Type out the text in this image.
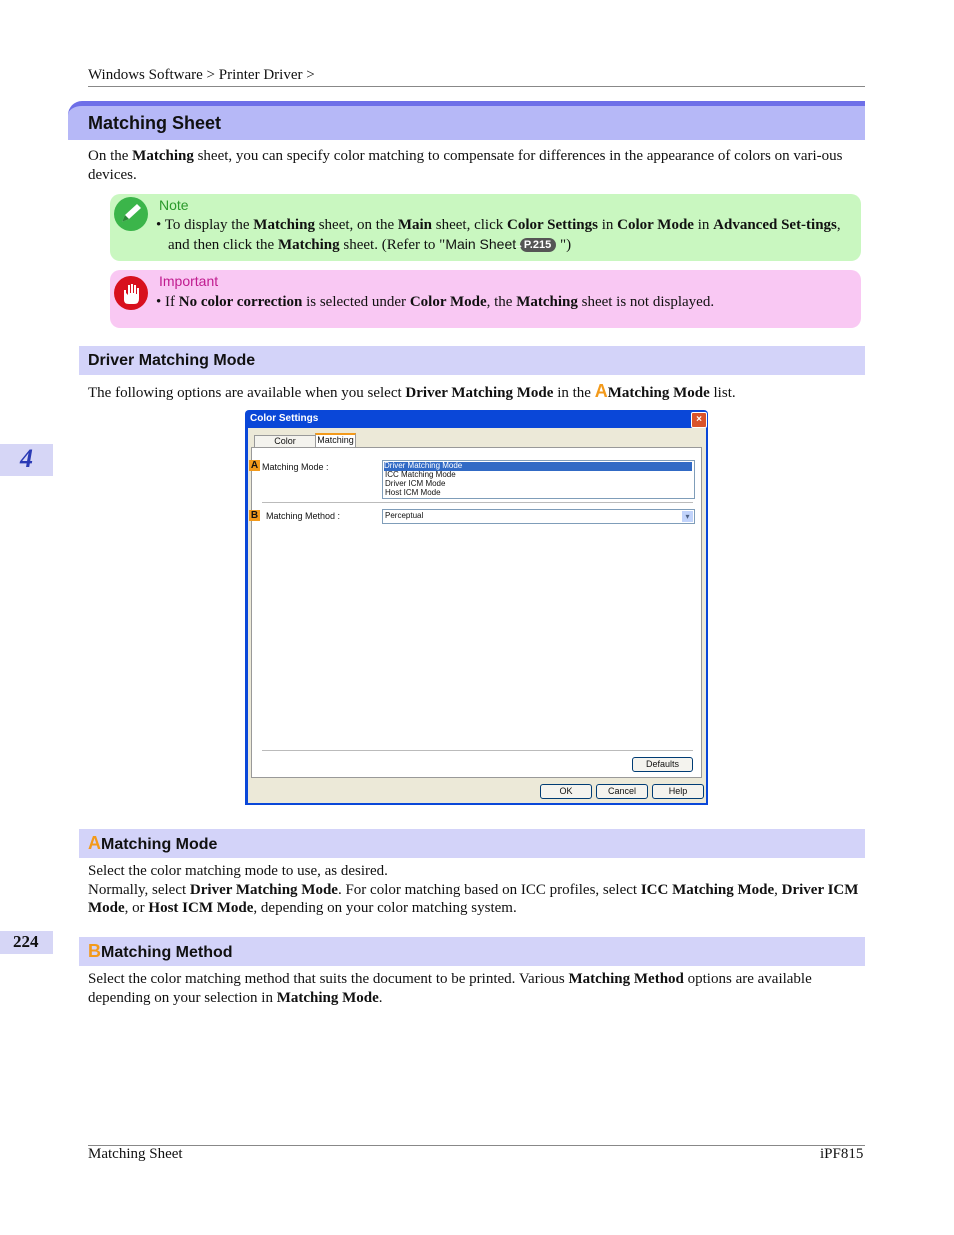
Windows Software > Printer Driver >
Matching Sheet
On the Matching sheet, you can specify color matching to compensate for differences in the appearance of colors on vari-ous devices.
Note
• To display the Matching sheet, on the Main sheet, click Color Settings in Color Mode in Advanced Set-tings, and then click the Matching sheet. (Refer to "Main Sheet →P.215 ")
Important
• If No color correction is selected under Color Mode, the Matching sheet is not displayed.
Driver Matching Mode
The following options are available when you select Driver Matching Mode in the AMatching Mode list.
Color Settings	×
Color	Matching
A Matching Mode :	Driver Matching Mode
ICC Matching Mode
Driver ICM Mode
Host ICM Mode
B Matching Method :	Perceptual	▾
Defaults
OK	Cancel	Help
AMatching Mode
Select the color matching mode to use, as desired.
Normally, select Driver Matching Mode. For color matching based on ICC profiles, select ICC Matching Mode, Driver ICM Mode, or Host ICM Mode, depending on your color matching system.
BMatching Method
Select the color matching method that suits the document to be printed. Various Matching Method options are available depending on your selection in Matching Mode.
4
224
Matching Sheet	iPF815
